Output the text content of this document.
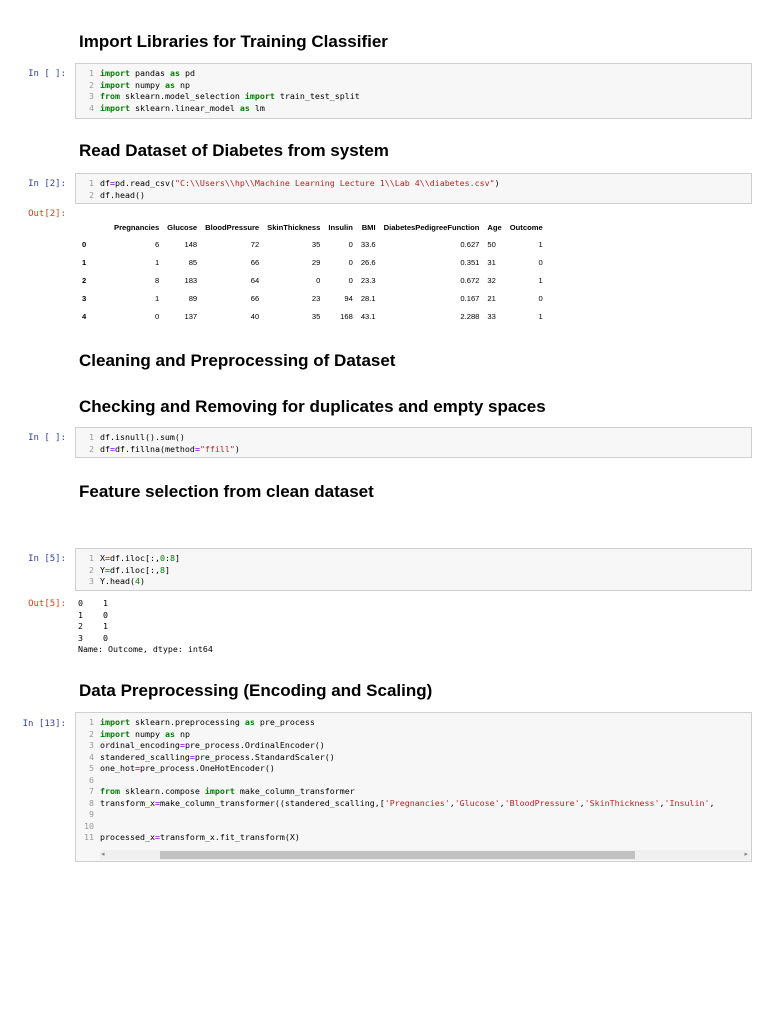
Import Libraries for Training Classifier
In [ ]:	1 import pandas as pd
2 import numpy as np
3 from sklearn.model_selection import train_test_split
4 import sklearn.linear_model as lm
Read Dataset of Diabetes from system
In [2]:	1 df=pd.read_csv("C:\\Users\\hp\\Machine Learning Lecture 1\\Lab 4\\diabetes.csv")
2 df.head()
Out[2]:
	Pregnancies	Glucose	BloodPressure	SkinThickness	Insulin	BMI	DiabetesPedigreeFunction	Age	Outcome
0	6	148	72	35	0	33.6	0.627	50	1
1	1	85	66	29	0	26.6	0.351	31	0
2	8	183	64	0	0	23.3	0.672	32	1
3	1	89	66	23	94	28.1	0.167	21	0
4	0	137	40	35	168	43.1	2.288	33	1
Cleaning and Preprocessing of Dataset
Checking and Removing for duplicates and empty spaces
In [ ]:	1 df.isnull().sum()
2 df=df.fillna(method="ffill")
Feature selection from clean dataset
In [5]:	1 X=df.iloc[:,0:8]
2 Y=df.iloc[:,8]
3 Y.head(4)
Out[5]: 0    1
1    0
2    1
3    0
Name: Outcome, dtype: int64
Data Preprocessing (Encoding and Scaling)
In [13]:	1 import sklearn.preprocessing as pre_process
2 import numpy as np
3 ordinal_encoding=pre_process.OrdinalEncoder()
4 standered_scalling=pre_process.StandardScaler()
5 one_hot=pre_process.OneHotEncoder()
6
7 from sklearn.compose import make_column_transformer
8 transform_x=make_column_transformer((standered_scalling,['Pregnancies','Glucose','BloodPressure','SkinThickness','Insulin',
9
10
11 processed_x=transform_x.fit_transform(X)
◂	▸
